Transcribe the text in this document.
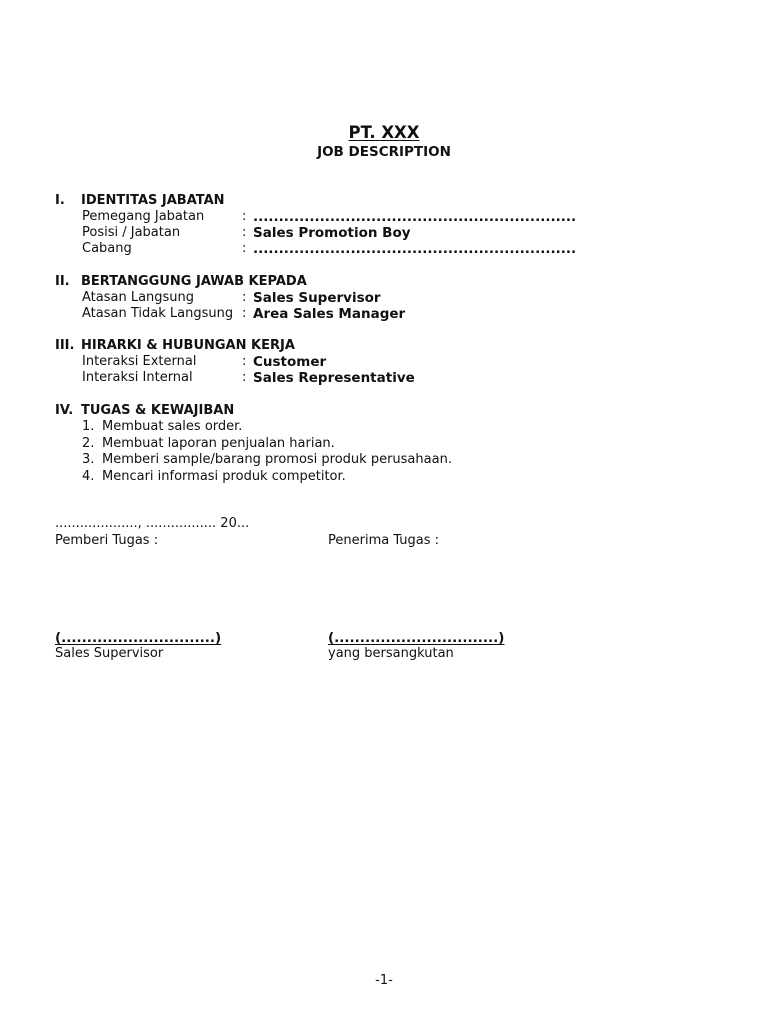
PT. XXX
JOB DESCRIPTION
I. IDENTITAS JABATAN
Pemegang Jabatan	: ...............................................................
Posisi / Jabatan	: Sales Promotion Boy
Cabang	: ...............................................................
II. BERTANGGUNG JAWAB KEPADA
Atasan Langsung	: Sales Supervisor
Atasan Tidak Langsung : Area Sales Manager
III. HIRARKI & HUBUNGAN KERJA
Interaksi External	: Customer
Interaksi Internal	: Sales Representative
IV. TUGAS & KEWAJIBAN
1. Membuat sales order.
2. Membuat laporan penjualan harian.
3. Memberi sample/barang promosi produk perusahaan.
4. Mencari informasi produk competitor.
...................., ................. 20...
Pemberi Tugas :	Penerima Tugas :
(..............................)	(................................)
Sales Supervisor	yang bersangkutan
-1-
